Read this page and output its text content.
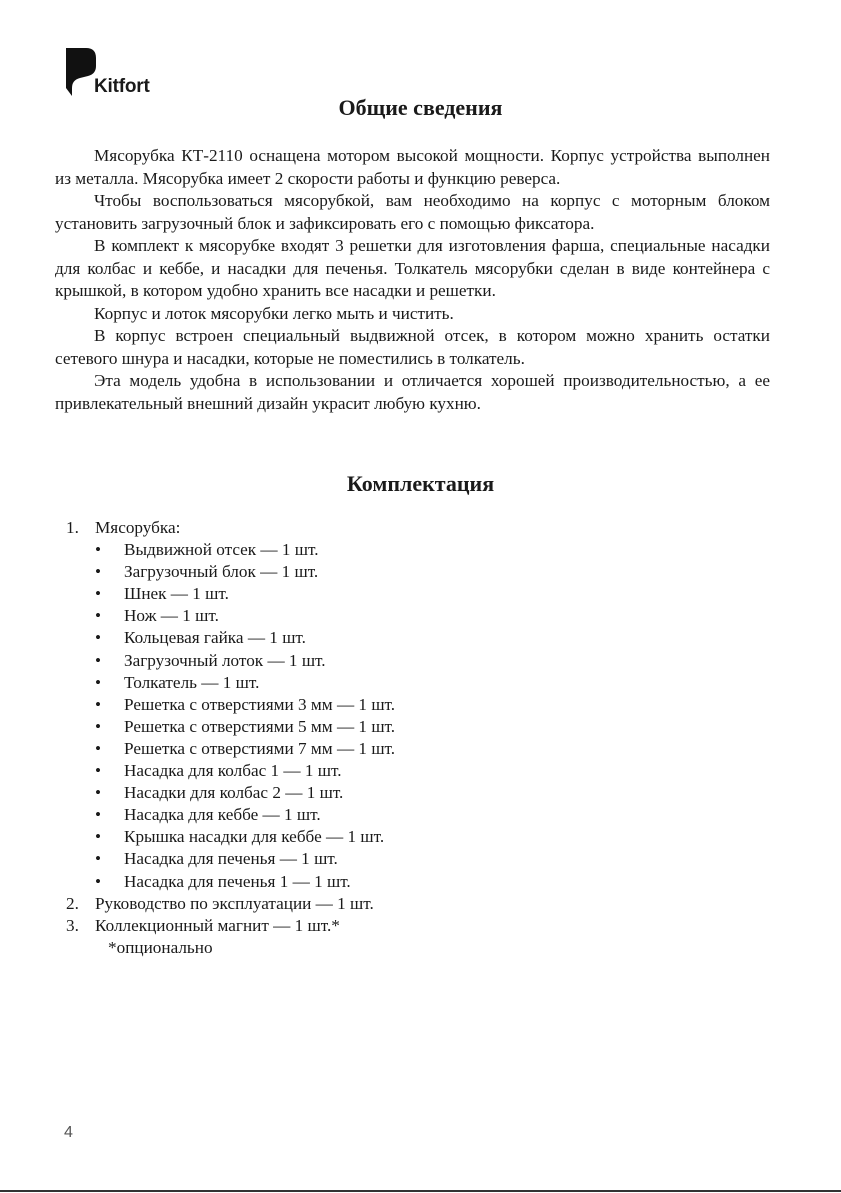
Kitfort
Общие сведения

Мясорубка КТ-2110 оснащена мотором высокой мощности. Корпус устройства выполнен из металла. Мясорубка имеет 2 скорости работы и функцию реверса.

Чтобы воспользоваться мясорубкой, вам необходимо на корпус с моторным блоком установить загрузочный блок и зафиксировать его с помощью фиксатора.

В комплект к мясорубке входят 3 решетки для изготовления фарша, специальные насадки для колбас и кеббе, и насадки для печенья. Толкатель мясорубки сделан в виде контейнера с крышкой, в котором удобно хранить все насадки и решетки.

Корпус и лоток мясорубки легко мыть и чистить.

В корпус встроен специальный выдвижной отсек, в котором можно хранить остатки сетевого шнура и насадки, которые не поместились в толкатель.

Эта модель удобна в использовании и отличается хорошей производительностью, а ее привлекательный внешний дизайн украсит любую кухню.

Комплектация
1. Мясорубка:
• Выдвижной отсек — 1 шт.
• Загрузочный блок — 1 шт.
• Шнек — 1 шт.
• Нож — 1 шт.
• Кольцевая гайка — 1 шт.
• Загрузочный лоток — 1 шт.
• Толкатель — 1 шт.
• Решетка с отверстиями 3 мм — 1 шт.
• Решетка с отверстиями 5 мм — 1 шт.
• Решетка с отверстиями 7 мм — 1 шт.
• Насадка для колбас 1 — 1 шт.
• Насадки для колбас 2 — 1 шт.
• Насадка для кеббе — 1 шт.
• Крышка насадки для кеббе — 1 шт.
• Насадка для печенья — 1 шт.
• Насадка для печенья 1 — 1 шт.
2. Руководство по эксплуатации — 1 шт.
3. Коллекционный магнит — 1 шт.*
*опционально
4
